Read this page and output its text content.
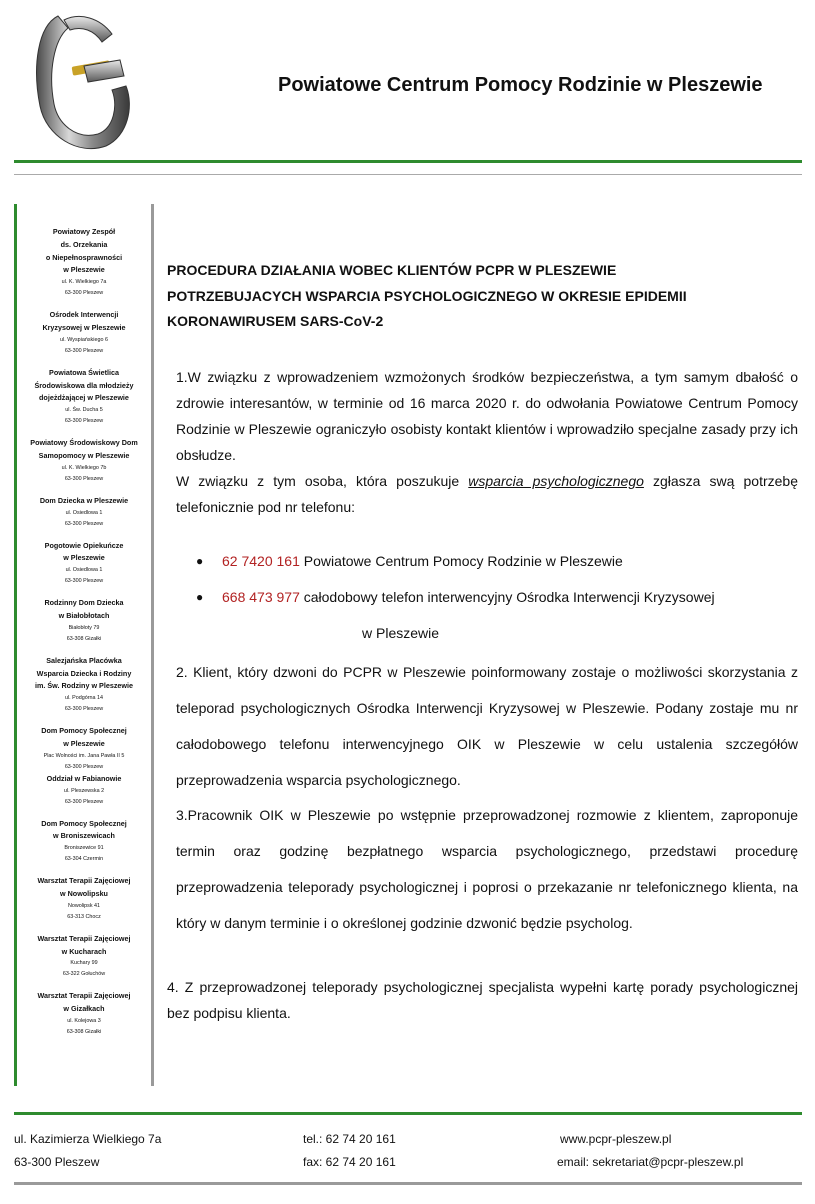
Powiatowe Centrum Pomocy Rodzinie w Pleszewie
Powiatowy Zespół
ds. Orzekania
o Niepełnosprawności
w Pleszewie
ul. K. Wielkiego 7a
63-300 Pleszew
Ośrodek Interwencji
Kryzysowej w Pleszewie
ul. Wyspiańskiego 6
63-300 Pleszew
Powiatowa Świetlica
Środowiskowa dla młodzieży
dojeżdżającej w Pleszewie
ul. Św. Ducha 5
63-300 Pleszew
Powiatowy Środowiskowy Dom
Samopomocy w Pleszewie
ul. K. Wielkiego 7b
63-300 Pleszew
Dom Dziecka w Pleszewie
ul. Osiedlowa 1
63-300 Pleszew
Pogotowie Opiekuńcze
w Pleszewie
ul. Osiedlowa 1
63-300 Pleszew
Rodzinny Dom Dziecka
w Białobłotach
Białobłoty 79
63-308 Gizałki
Salezjańska Placówka
Wsparcia Dziecka i Rodziny
im. Św. Rodziny w Pleszewie
ul. Podgórna 14
63-300 Pleszew
Dom Pomocy Społecznej
w Pleszewie
Plac Wolności im. Jana Pawła II 5
63-300 Pleszew
Oddział w Fabianowie
ul. Pleszewska 2
63-300 Pleszew
Dom Pomocy Społecznej
w Broniszewicach
Broniszewice 91
63-304 Czermin
Warsztat Terapii Zajęciowej
w Nowolipsku
Nowolipsk 41
63-313 Chocz
Warsztat Terapii Zajęciowej
w Kucharach
Kuchary 99
63-322 Gołuchów
Warsztat Terapii Zajęciowej
w Gizałkach
ul. Kolejowa 3
63-308 Gizałki
PROCEDURA DZIAŁANIA WOBEC KLIENTÓW PCPR W PLESZEWIE
POTRZEBUJACYCH WSPARCIA PSYCHOLOGICZNEGO W OKRESIE EPIDEMII
KORONAWIRUSEM SARS-CoV-2
1.W związku z wprowadzeniem wzmożonych środków bezpieczeństwa, a tym samym dbałość o zdrowie interesantów, w terminie od 16 marca 2020 r. do odwołania Powiatowe Centrum Pomocy Rodzinie w Pleszewie ograniczyło osobisty kontakt klientów i wprowadziło specjalne zasady przy ich obsłudze.
W związku z tym osoba, która poszukuje wsparcia psychologicznego zgłasza swą potrzebę telefonicznie pod nr telefonu:
● 62 7420 161 Powiatowe Centrum Pomocy Rodzinie w Pleszewie
● 668 473 977 całodobowy telefon interwencyjny Ośrodka Interwencji Kryzysowej
w Pleszewie
2. Klient, który dzwoni do PCPR w Pleszewie poinformowany zostaje o możliwości skorzystania z teleporad psychologicznych Ośrodka Interwencji Kryzysowej w Pleszewie. Podany zostaje mu nr całodobowego telefonu interwencyjnego OIK w Pleszewie w celu ustalenia szczegółów przeprowadzenia wsparcia psychologicznego.
3.Pracownik OIK w Pleszewie po wstępnie przeprowadzonej rozmowie z klientem, zaproponuje termin oraz godzinę bezpłatnego wsparcia psychologicznego, przedstawi procedurę przeprowadzenia teleporady psychologicznej i poprosi o przekazanie nr telefonicznego klienta, na który w danym terminie i o określonej godzinie dzwonić będzie psycholog.
4. Z przeprowadzonej teleporady psychologicznej specjalista wypełni kartę porady psychologicznej bez podpisu klienta.
ul. Kazimierza Wielkiego 7a
63-300 Pleszew
tel.: 62 74 20 161
fax: 62 74 20 161
www.pcpr-pleszew.pl
email: sekretariat@pcpr-pleszew.pl
